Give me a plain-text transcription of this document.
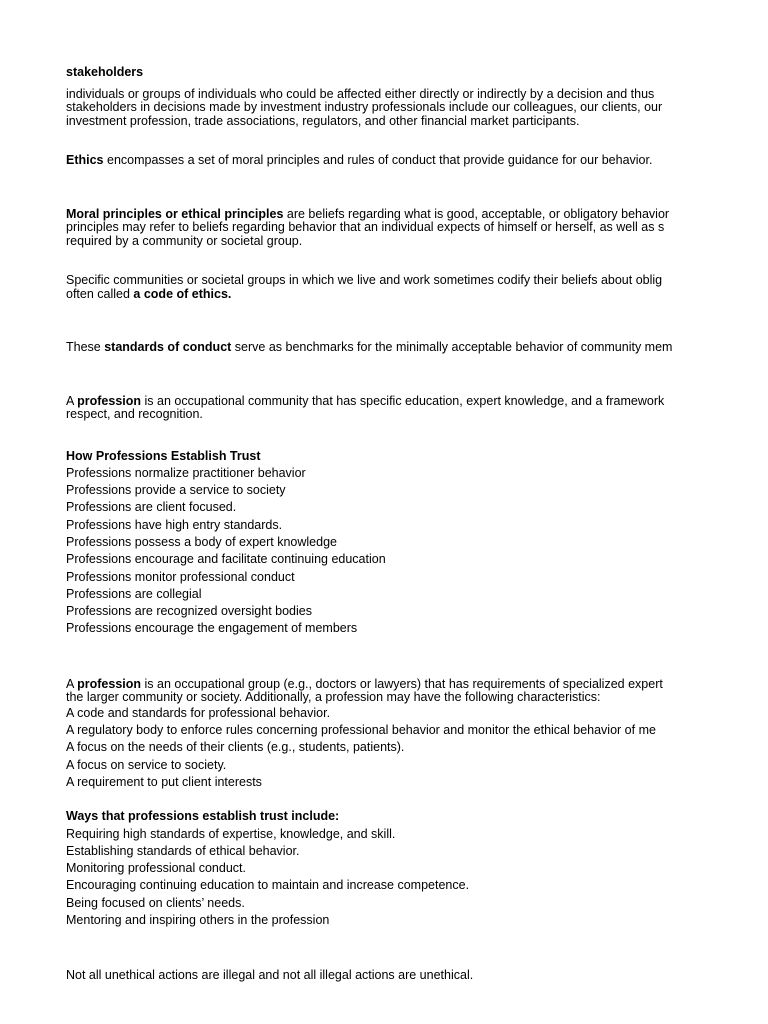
stakeholders
individuals or groups of individuals who could be affected either directly or indirectly by a decision and thus
stakeholders in decisions made by investment industry professionals include our colleagues, our clients, our
investment profession, trade associations, regulators, and other financial market participants.
Ethics encompasses a set of moral principles and rules of conduct that provide guidance for our behavior.
Moral principles or ethical principles are beliefs regarding what is good, acceptable, or obligatory behavior
principles may refer to beliefs regarding behavior that an individual expects of himself or herself, as well as s
required by a community or societal group.
Specific communities or societal groups in which we live and work sometimes codify their beliefs about oblig
often called a code of ethics.
These standards of conduct serve as benchmarks for the minimally acceptable behavior of community mem
A profession is an occupational community that has specific education, expert knowledge, and a framework
respect, and recognition.
How Professions Establish Trust
Professions normalize practitioner behavior
Professions provide a service to society
Professions are client focused.
Professions have high entry standards.
Professions possess a body of expert knowledge
Professions encourage and facilitate continuing education
Professions monitor professional conduct
Professions are collegial
Professions are recognized oversight bodies
Professions encourage the engagement of members
A profession is an occupational group (e.g., doctors or lawyers) that has requirements of specialized expert
the larger community or society. Additionally, a profession may have the following characteristics:
A code and standards for professional behavior.
A regulatory body to enforce rules concerning professional behavior and monitor the ethical behavior of me
A focus on the needs of their clients (e.g., students, patients).
A focus on service to society.
A requirement to put client interests
Ways that professions establish trust include:
Requiring high standards of expertise, knowledge, and skill.
Establishing standards of ethical behavior.
Monitoring professional conduct.
Encouraging continuing education to maintain and increase competence.
Being focused on clients’ needs.
Mentoring and inspiring others in the profession
Not all unethical actions are illegal and not all illegal actions are unethical.
